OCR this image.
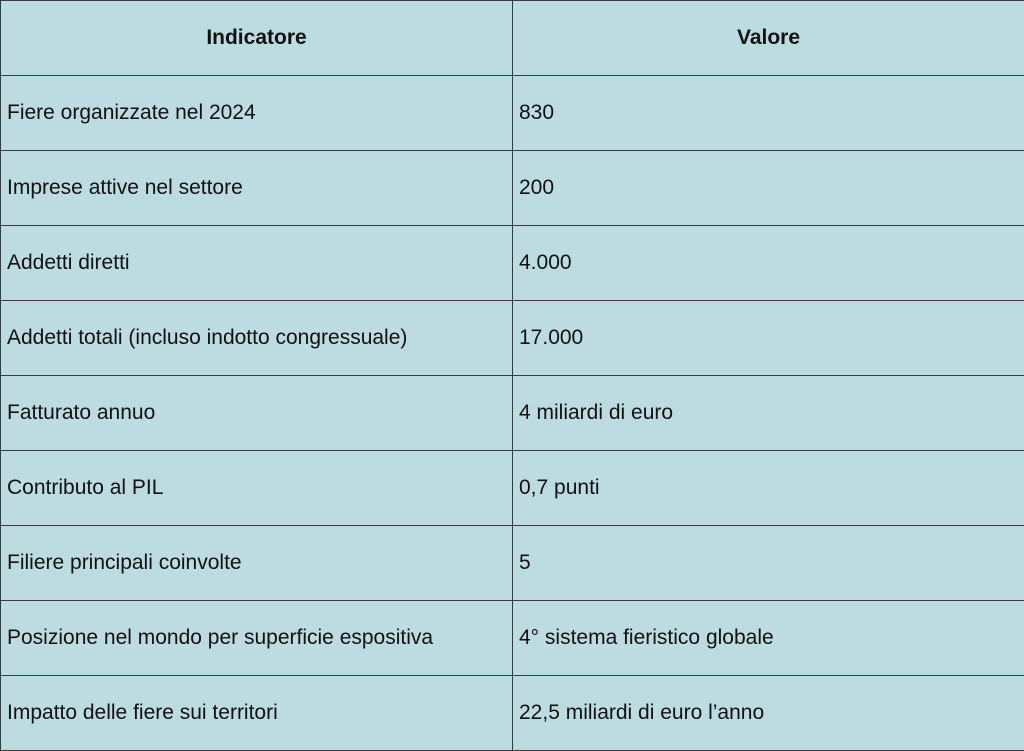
Indicatore	Valore
Fiere organizzate nel 2024	830
Imprese attive nel settore	200
Addetti diretti	4.000
Addetti totali (incluso indotto congressuale)	17.000
Fatturato annuo	4 miliardi di euro
Contributo al PIL	0,7 punti
Filiere principali coinvolte	5
Posizione nel mondo per superficie espositiva	4° sistema fieristico globale
Impatto delle fiere sui territori	22,5 miliardi di euro l’anno
